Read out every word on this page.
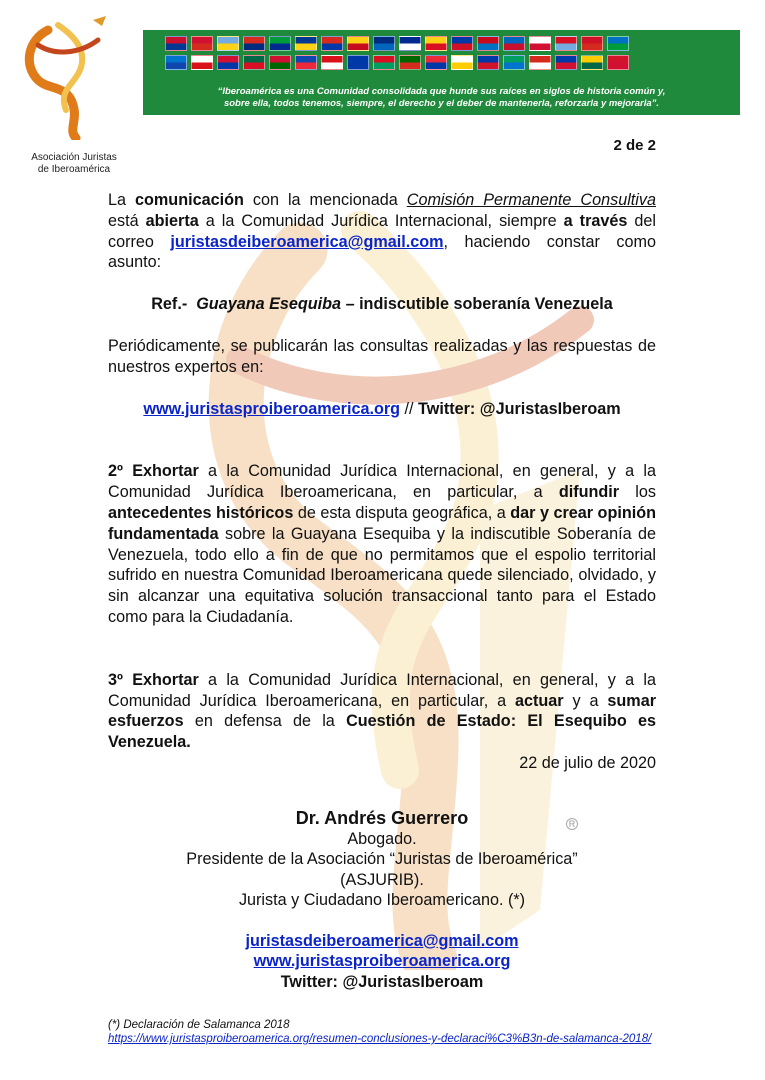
Asociación Juristas
de Iberoamérica
“Iberoamérica es una Comunidad consolidada que hunde sus raíces en siglos de historia común y,
sobre ella, todos tenemos, siempre, el derecho y el deber de mantenerla, reforzarla y mejorarla”.
2 de 2

La comunicación con la mencionada Comisión Permanente Consultiva está abierta a la Comunidad Jurídica Internacional, siempre a través del correo juristasdeiberoamerica@gmail.com, haciendo constar como asunto:

Ref.- Guayana Esequiba – indiscutible soberanía Venezuela

Periódicamente, se publicarán las consultas realizadas y las respuestas de nuestros expertos en:

www.juristasproiberoamerica.org // Twitter: @JuristasIberoam

2º Exhortar a la Comunidad Jurídica Internacional, en general, y a la Comunidad Jurídica Iberoamericana, en particular, a difundir los antecedentes históricos de esta disputa geográfica, a dar y crear opinión fundamentada sobre la Guayana Esequiba y la indiscutible Soberanía de Venezuela, todo ello a fin de que no permitamos que el espolio territorial sufrido en nuestra Comunidad Iberoamericana quede silenciado, olvidado, y sin alcanzar una equitativa solución transaccional tanto para el Estado como para la Ciudadanía.

3º Exhortar a la Comunidad Jurídica Internacional, en general, y a la Comunidad Jurídica Iberoamericana, en particular, a actuar y a sumar esfuerzos en defensa de la Cuestión de Estado: El Esequibo es Venezuela.

22 de julio de 2020

Dr. Andrés Guerrero
Abogado.
Presidente de la Asociación “Juristas de Iberoamérica”
(ASJURIB).
Jurista y Ciudadano Iberoamericano. (*)
juristasdeiberoamerica@gmail.com
www.juristasproiberoamerica.org
Twitter: @JuristasIberoam
R
(*) Declaración de Salamanca 2018
https://www.juristasproiberoamerica.org/resumen-conclusiones-y-declaraci%C3%B3n-de-salamanca-2018/
